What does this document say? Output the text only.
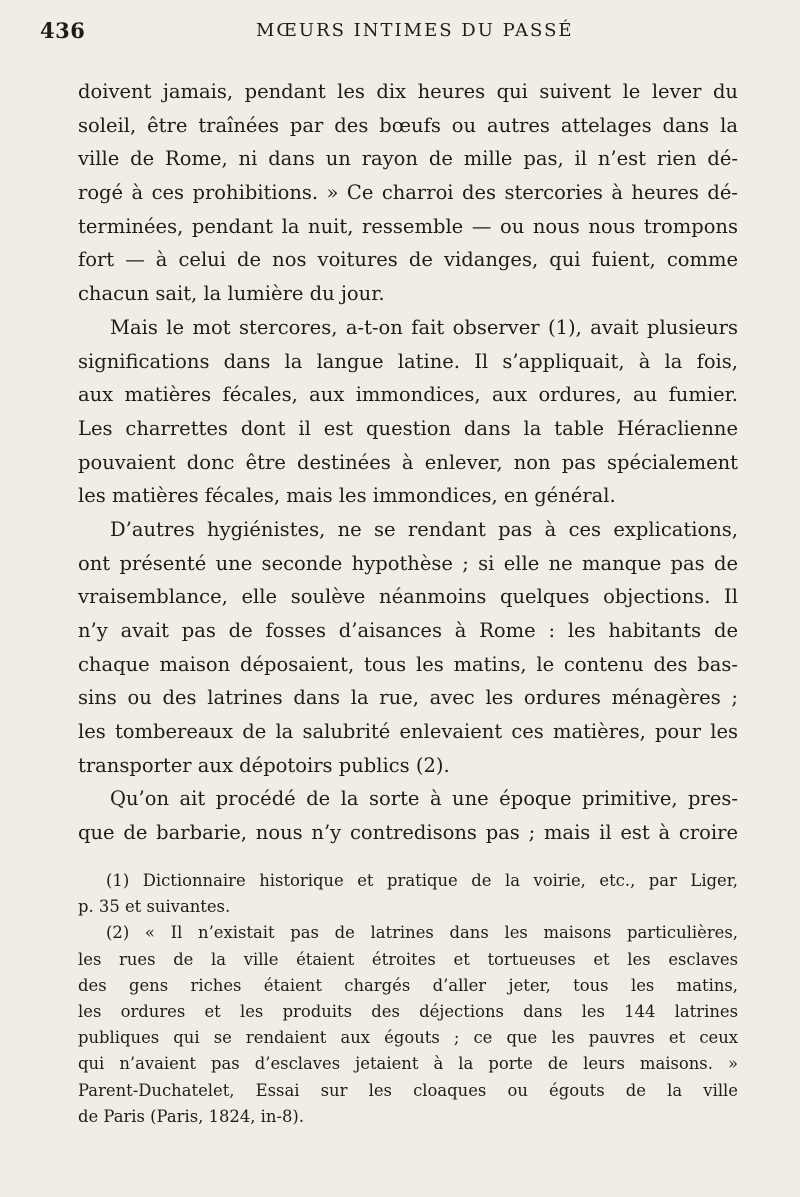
436	MŒURS INTIMES DU PASSÉ
doivent jamais, pendant les dix heures qui suivent le lever du
soleil, être traînées par des bœufs ou autres attelages dans la
ville de Rome, ni dans un rayon de mille pas, il n’est rien dé-
rogé à ces prohibitions. » Ce charroi des stercories à heures dé-
terminées, pendant la nuit, ressemble — ou nous nous trompons
fort — à celui de nos voitures de vidanges, qui fuient, comme
chacun sait, la lumière du jour.
Mais le mot stercores, a-t-on fait observer (1), avait plusieurs
significations dans la langue latine. Il s’appliquait, à la fois,
aux matières fécales, aux immondices, aux ordures, au fumier.
Les charrettes dont il est question dans la table Héraclienne
pouvaient donc être destinées à enlever, non pas spécialement
les matières fécales, mais les immondices, en général.
D’autres hygiénistes, ne se rendant pas à ces explications,
ont présenté une seconde hypothèse ; si elle ne manque pas de
vraisemblance, elle soulève néanmoins quelques objections. Il
n’y avait pas de fosses d’aisances à Rome : les habitants de
chaque maison déposaient, tous les matins, le contenu des bas-
sins ou des latrines dans la rue, avec les ordures ménagères ;
les tombereaux de la salubrité enlevaient ces matières, pour les
transporter aux dépotoirs publics (2).
Qu’on ait procédé de la sorte à une époque primitive, pres-
que de barbarie, nous n’y contredisons pas ; mais il est à croire
(1) Dictionnaire historique et pratique de la voirie, etc., par Liger,
p. 35 et suivantes.
(2) « Il n’existait pas de latrines dans les maisons particulières,
les rues de la ville étaient étroites et tortueuses et les esclaves
des gens riches étaient chargés d’aller jeter, tous les matins,
les ordures et les produits des déjections dans les 144 latrines
publiques qui se rendaient aux égouts ; ce que les pauvres et ceux
qui n’avaient pas d’esclaves jetaient à la porte de leurs maisons. »
Parent-Duchatelet, Essai sur les cloaques ou égouts de la ville
de Paris (Paris, 1824, in-8).
